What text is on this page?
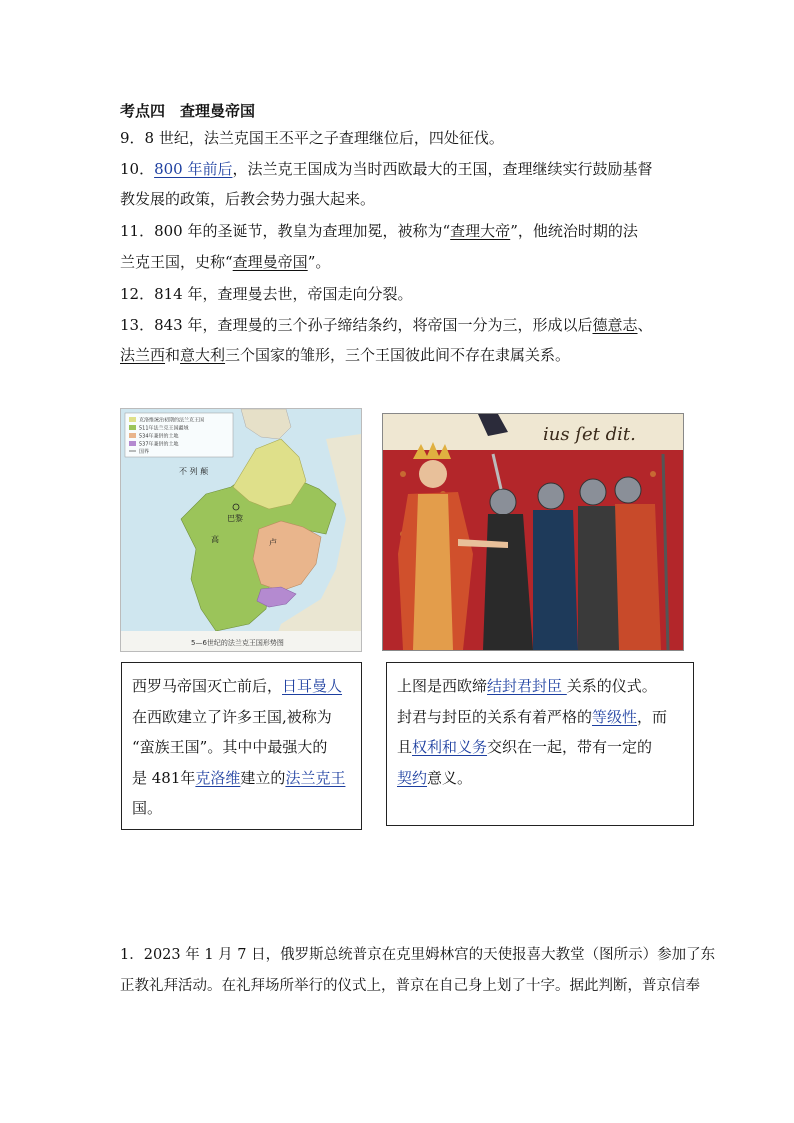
考点四　查理曼帝国
9．8 世纪，法兰克国王丕平之子查理继位后，四处征伐。
10．800 年前后，法兰克王国成为当时西欧最大的王国，查理继续实行鼓励基督
教发展的政策，后教会势力强大起来。
11．800 年的圣诞节，教皇为查理加冕，被称为“查理大帝”，他统治时期的法
兰克王国，史称“查理曼帝国”。
12．814 年，查理曼去世，帝国走向分裂。
13．843 年，查理曼的三个孙子缔结条约，将帝国一分为三，形成以后德意志、
法兰西和意大利三个国家的雏形，三个王国彼此间不存在隶属关系。
克洛维统治初期的法兰克王国
511年法兰克王国疆域
534年兼併的土地
537年兼併的土地
国界
不 列 颠
巴黎
高	卢
5—6世纪的法兰克王国形势图
ius ſet dit.
西罗马帝国灭亡前后，日耳曼人
在西欧建立了许多王国,被称为
“蛮族王国”。其中中最强大的
是 481年克洛维建立的法兰克王
国。
上图是西欧缔结封君封臣 关系的仪式。
封君与封臣的关系有着严格的等级性，而
且权利和义务交织在一起，带有一定的
契约意义。
1．2023 年 1 月 7 日，俄罗斯总统普京在克里姆林宫的天使报喜大教堂（图所示）参加了东
正教礼拜活动。在礼拜场所举行的仪式上，普京在自己身上划了十字。据此判断，普京信奉
